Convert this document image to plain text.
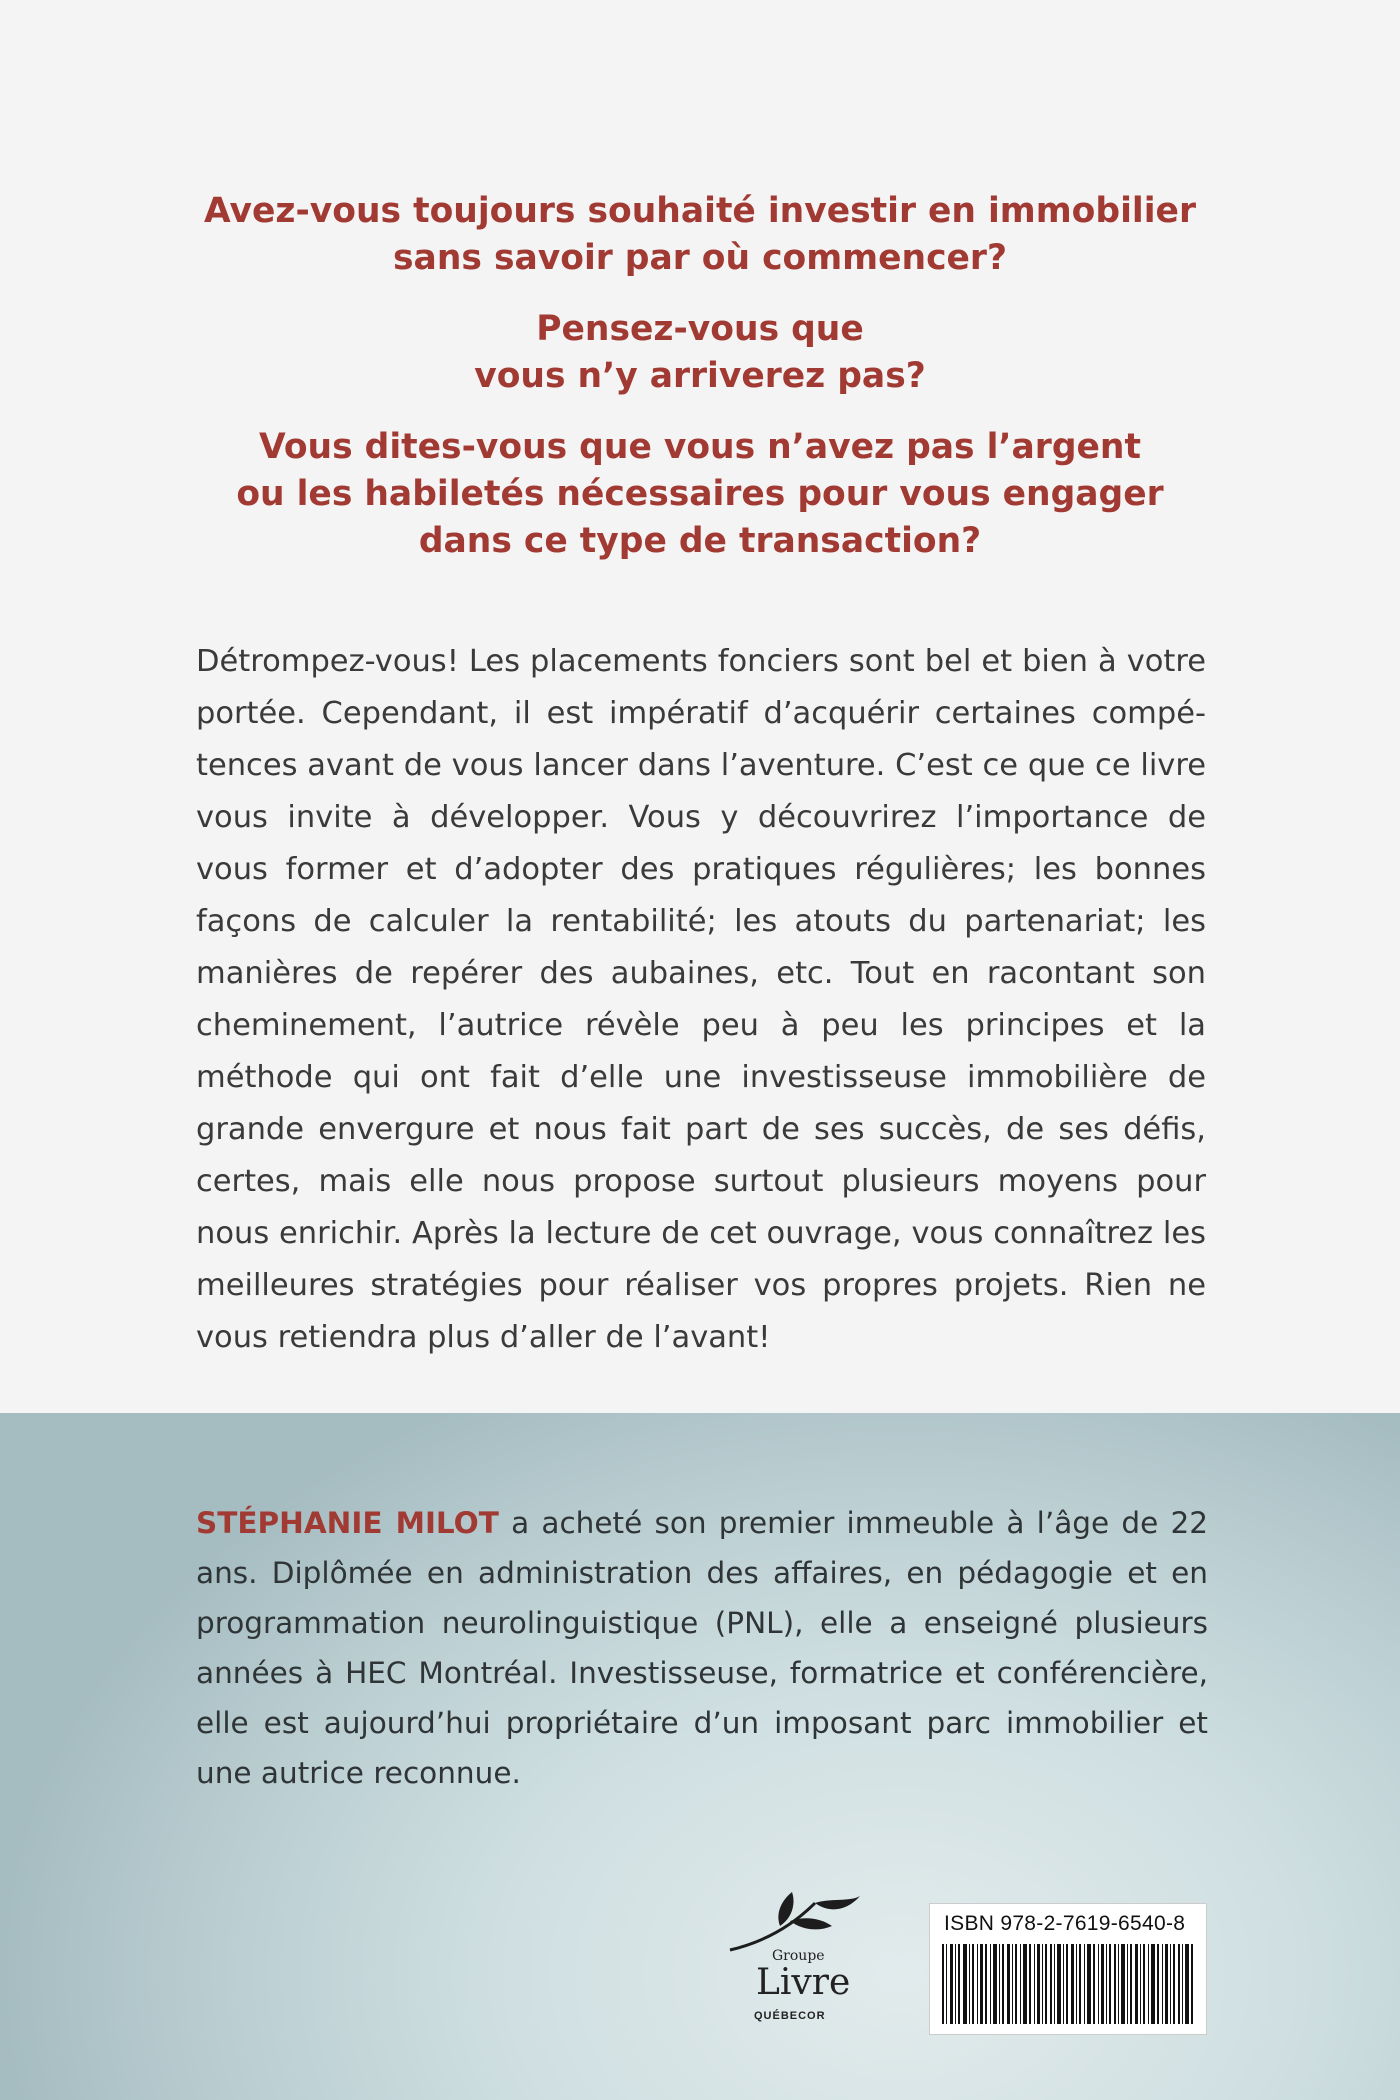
Avez-vous toujours souhaité investir en immobilier
sans savoir par où commencer?

Pensez-vous que
vous n’y arriverez pas?

Vous dites-vous que vous n’avez pas l’argent
ou les habiletés nécessaires pour vous engager
dans ce type de transaction?

Détrompez-vous! Les placements fonciers sont bel et bien à votre portée. Cependant, il est impératif d’acquérir certaines compétences avant de vous lancer dans l’aventure. C’est ce que ce livre vous invite à développer. Vous y découvrirez l’importance de vous former et d’adopter des pratiques régulières; les bonnes façons de calculer la rentabilité; les atouts du partenariat; les manières de repérer des aubaines, etc. Tout en racontant son cheminement, l’autrice révèle peu à peu les principes et la méthode qui ont fait d’elle une investisseuse immobilière de grande envergure et nous fait part de ses succès, de ses défis, certes, mais elle nous propose surtout plusieurs moyens pour nous enrichir. Après la lecture de cet ouvrage, vous connaîtrez les meilleures stratégies pour réaliser vos propres projets. Rien ne vous retiendra plus d’aller de l’avant!
STÉPHANIE MILOT a acheté son premier immeuble à l’âge de 22 ans. Diplômée en administration des affaires, en pédagogie et en programmation neurolinguistique (PNL), elle a enseigné plusieurs années à HEC Montréal. Investisseuse, formatrice et conférencière, elle est aujourd’hui propriétaire d’un imposant parc immobilier et une autrice reconnue.
Groupe
Livre
QUÉBECOR
ISBN 978-2-7619-6540-8
